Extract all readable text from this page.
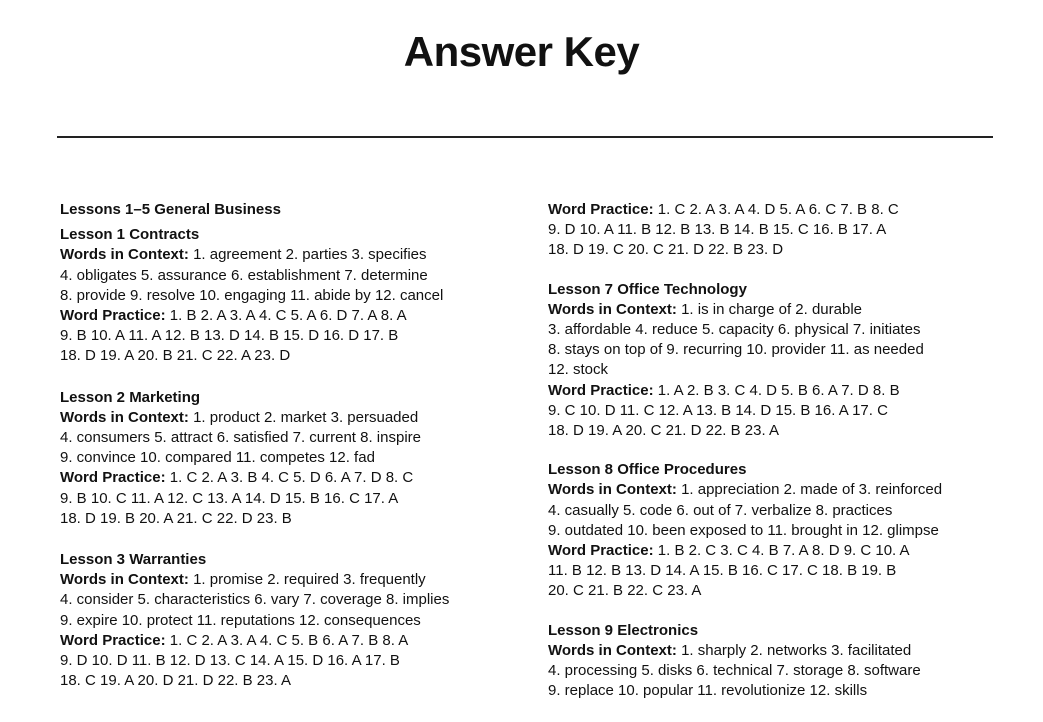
Answer Key
Lessons 1–5 General Business
Lesson 1 Contracts
Words in Context: 1. agreement 2. parties 3. specifies
4. obligates 5. assurance 6. establishment 7. determine
8. provide 9. resolve 10. engaging 11. abide by 12. cancel
Word Practice: 1. B 2. A 3. A 4. C 5. A 6. D 7. A 8. A
9. B 10. A 11. A 12. B 13. D 14. B 15. D 16. D 17. B
18. D 19. A 20. B 21. C 22. A 23. D
Lesson 2 Marketing
Words in Context: 1. product 2. market 3. persuaded
4. consumers 5. attract 6. satisfied 7. current 8. inspire
9. convince 10. compared 11. competes 12. fad
Word Practice: 1. C 2. A 3. B 4. C 5. D 6. A 7. D 8. C
9. B 10. C 11. A 12. C 13. A 14. D 15. B 16. C 17. A
18. D 19. B 20. A 21. C 22. D 23. B
Lesson 3 Warranties
Words in Context: 1. promise 2. required 3. frequently
4. consider 5. characteristics 6. vary 7. coverage 8. implies
9. expire 10. protect 11. reputations 12. consequences
Word Practice: 1. C 2. A 3. A 4. C 5. B 6. A 7. B 8. A
9. D 10. D 11. B 12. D 13. C 14. A 15. D 16. A 17. B
18. C 19. A 20. D 21. D 22. B 23. A
Word Practice: 1. C 2. A 3. A 4. D 5. A 6. C 7. B 8. C
9. D 10. A 11. B 12. B 13. B 14. B 15. C 16. B 17. A
18. D 19. C 20. C 21. D 22. B 23. D
Lesson 7 Office Technology
Words in Context: 1. is in charge of 2. durable
3. affordable 4. reduce 5. capacity 6. physical 7. initiates
8. stays on top of 9. recurring 10. provider 11. as needed
12. stock
Word Practice: 1. A 2. B 3. C 4. D 5. B 6. A 7. D 8. B
9. C 10. D 11. C 12. A 13. B 14. D 15. B 16. A 17. C
18. D 19. A 20. C 21. D 22. B 23. A
Lesson 8 Office Procedures
Words in Context: 1. appreciation 2. made of 3. reinforced
4. casually 5. code 6. out of 7. verbalize 8. practices
9. outdated 10. been exposed to 11. brought in 12. glimpse
Word Practice: 1. B 2. C 3. C 4. B 7. A 8. D 9. C 10. A
11. B 12. B 13. D 14. A 15. B 16. C 17. C 18. B 19. B
20. C 21. B 22. C 23. A
Lesson 9 Electronics
Words in Context: 1. sharply 2. networks 3. facilitated
4. processing 5. disks 6. technical 7. storage 8. software
9. replace 10. popular 11. revolutionize 12. skills
